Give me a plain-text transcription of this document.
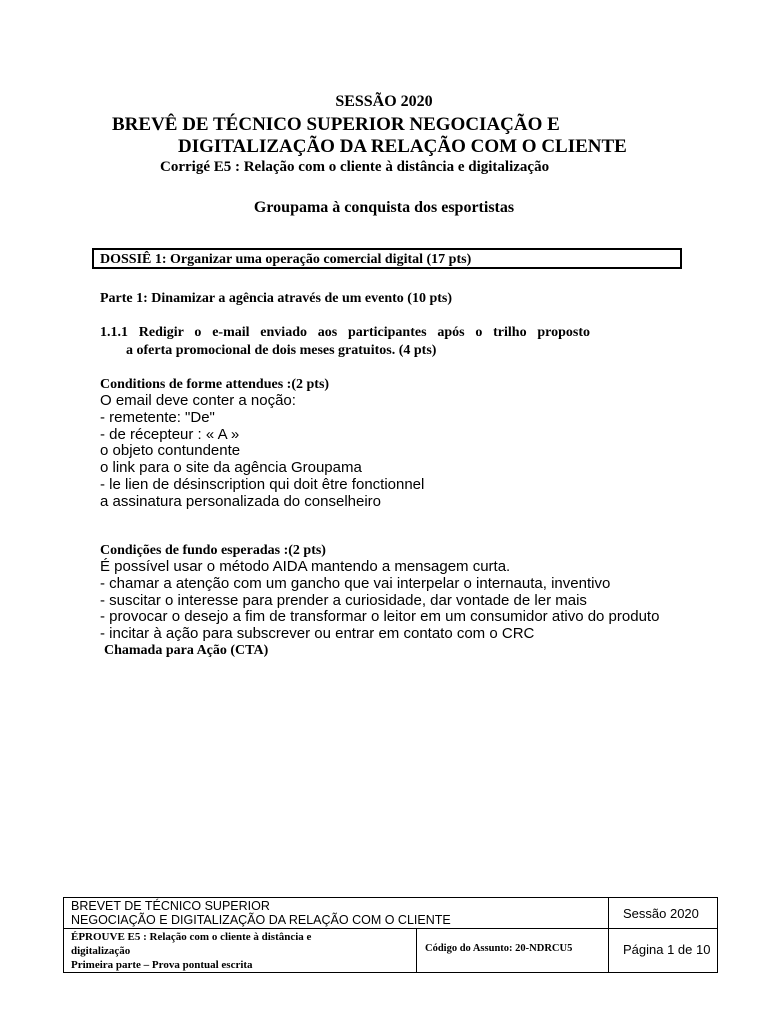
SESSÃO 2020

BREVÊ DE TÉCNICO SUPERIOR NEGOCIAÇÃO E

DIGITALIZAÇÃO DA RELAÇÃO COM O CLIENTE

Corrigé E5 : Relação com o cliente à distância e digitalização

Groupama à conquista dos esportistas

DOSSIÊ 1: Organizar uma operação comercial digital (17 pts)

Parte 1: Dinamizar a agência através de um evento (10 pts)

1.1.1 Redigir o e-mail enviado aos participantes após o trilho proposto

a oferta promocional de dois meses gratuitos. (4 pts)

Conditions de forme attendues :(2 pts)

O email deve conter a noção:
- remetente: "De"
- de récepteur : « A »
o objeto contundente
o link para o site da agência Groupama
- le lien de désinscription qui doit être fonctionnel
a assinatura personalizada do conselheiro

Condições de fundo esperadas :(2 pts)

É possível usar o método AIDA mantendo a mensagem curta.
- chamar a atenção com um gancho que vai interpelar o internauta, inventivo
- suscitar o interesse para prender a curiosidade, dar vontade de ler mais
- provocar o desejo a fim de transformar o leitor em um consumidor ativo do produto
- incitar à ação para subscrever ou entrar em contato com o CRC

Chamada para Ação (CTA)

BREVET DE TÉCNICO SUPERIOR
NEGOCIAÇÃO E DIGITALIZAÇÃO DA RELAÇÃO COM O CLIENTE	Sessão 2020
ÉPROUVE E5 : Relação com o cliente à distância e
digitalização
Primeira parte – Prova pontual escrita
Código do Assunto: 20-NDRCU5	Página 1 de 10
